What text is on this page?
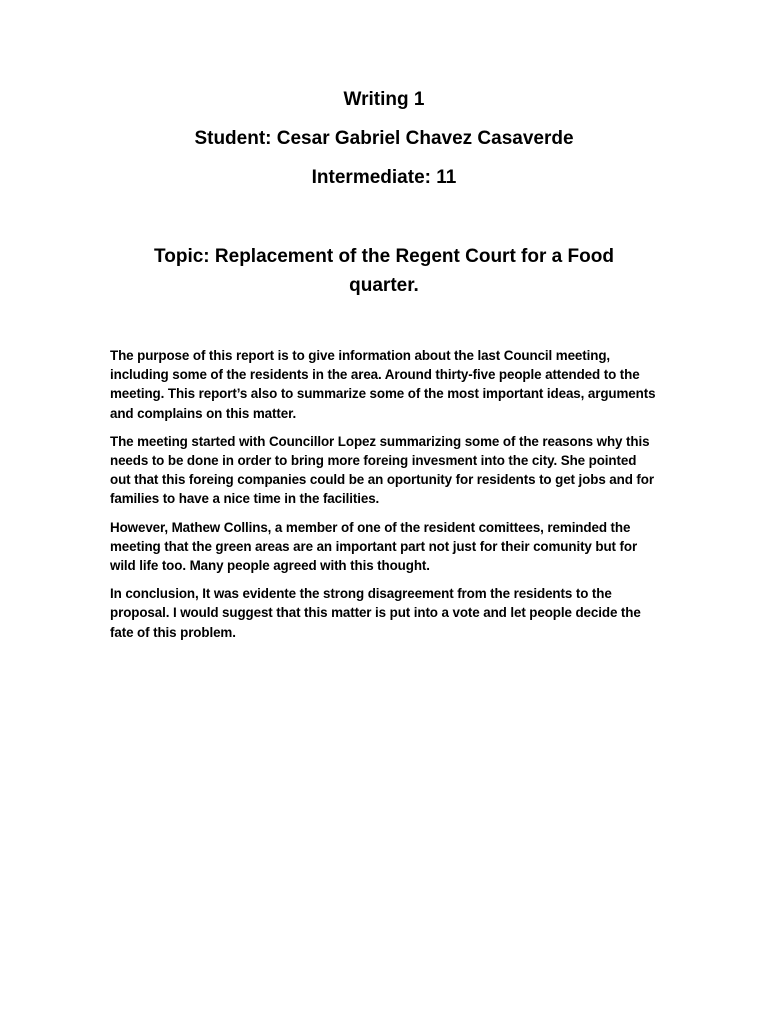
Writing 1
Student: Cesar Gabriel Chavez Casaverde
Intermediate: 11
Topic: Replacement of the Regent Court for a Food quarter.

The purpose of this report is to give information about the last Council meeting, including some of the residents in the area. Around thirty-five people attended to the meeting. This report’s also to summarize some of the most important ideas, arguments and complains on this matter.

The meeting started with Councillor Lopez summarizing some of the reasons why this needs to be done in order to bring more foreing invesment into the city. She pointed out that this foreing companies could be an oportunity for residents to get jobs and for families to have a nice time in the facilities.

However, Mathew Collins, a member of one of the resident comittees, reminded the meeting that the green areas are an important part not just for their comunity but for wild life too. Many people agreed with this thought.

In conclusion, It was evidente the strong disagreement from the residents to the proposal. I would suggest that this matter is put into a vote and let people decide the fate of this problem.
